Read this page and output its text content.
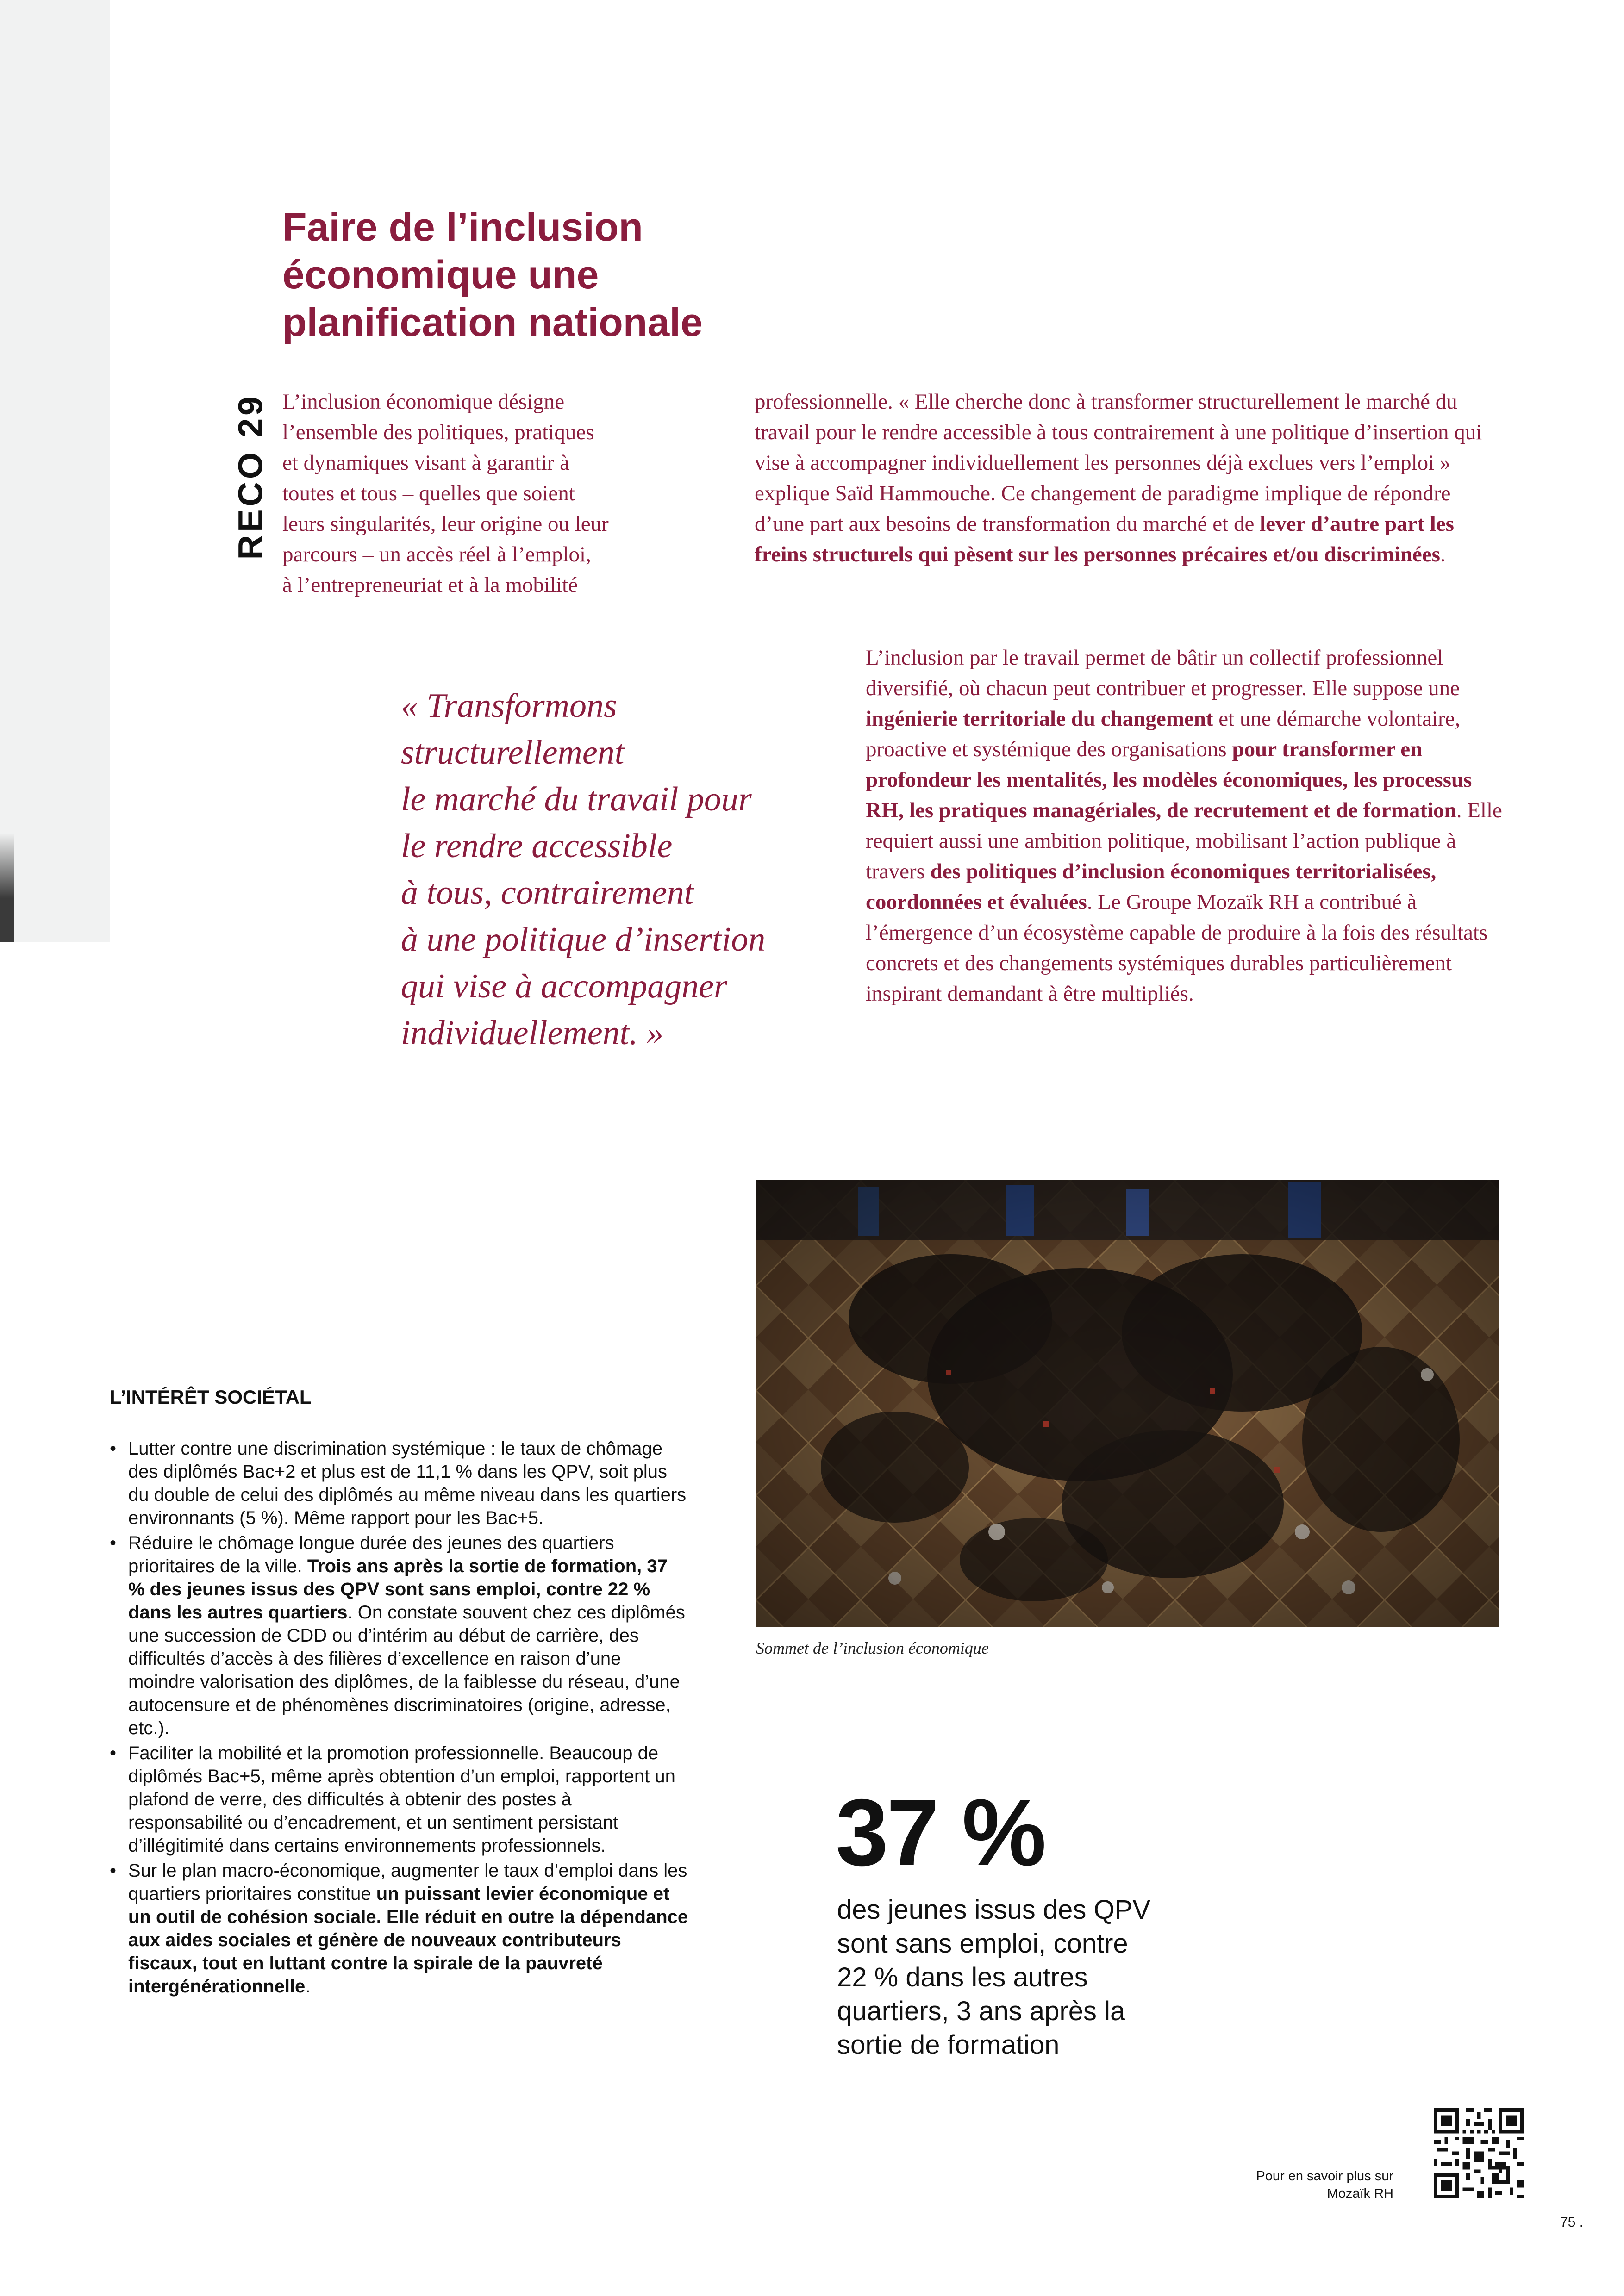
Faire de l’inclusion
économique une
planification nationale
RECO 29 L’inclusion économique désigne
l’ensemble des politiques, pratiques
et dynamiques visant à garantir à
toutes et tous – quelles que soient
leurs singularités, leur origine ou leur
parcours – un accès réel à l’emploi,
à l’entrepreneuriat et à la mobilité

professionnelle. « Elle cherche donc à transformer structurellement le marché du travail pour le rendre accessible à tous contrairement à une politique d’insertion qui vise à accompagner individuellement les personnes déjà exclues vers l’emploi » explique Saïd Hammouche. Ce changement de paradigme implique de répondre d’une part aux besoins de transformation du marché et de lever d’autre part les freins structurels qui pèsent sur les personnes précaires et/ou discriminées.

L’inclusion par le travail permet de bâtir un collectif professionnel diversifié, où chacun peut contribuer et progresser. Elle suppose une ingénierie territoriale du changement et une démarche volontaire, proactive et systémique des organisations pour transformer en profondeur les mentalités, les modèles économiques, les processus RH, les pratiques managériales, de recrutement et de formation. Elle requiert aussi une ambition politique, mobilisant l’action publique à travers des politiques d’inclusion économiques territorialisées, coordonnées et évaluées. Le Groupe Mozaïk RH a contribué à l’émergence d’un écosystème capable de produire à la fois des résultats concrets et des changements systémiques durables particulièrement inspirant demandant à être multipliés.

« Transformons
structurellement
le marché du travail pour
le rendre accessible
à tous, contrairement
à une politique d’insertion
qui vise à accompagner
individuellement. »

Sommet de l’inclusion économique

L’INTÉRÊT SOCIÉTAL
• Lutter contre une discrimination systémique : le taux de chômage des diplômés Bac+2 et plus est de 11,1 % dans les QPV, soit plus du double de celui des diplômés au même niveau dans les quartiers environnants (5 %). Même rapport pour les Bac+5.
• Réduire le chômage longue durée des jeunes des quartiers prioritaires de la ville. Trois ans après la sortie de formation, 37 % des jeunes issus des QPV sont sans emploi, contre 22 % dans les autres quartiers. On constate souvent chez ces diplômés une succession de CDD ou d’intérim au début de carrière, des difficultés d’accès à des filières d’excellence en raison d’une moindre valorisation des diplômes, de la faiblesse du réseau, d’une autocensure et de phénomènes discriminatoires (origine, adresse, etc.).
• Faciliter la mobilité et la promotion professionnelle. Beaucoup de diplômés Bac+5, même après obtention d’un emploi, rapportent un plafond de verre, des difficultés à obtenir des postes à responsabilité ou d’encadrement, et un sentiment persistant d’illégitimité dans certains environnements professionnels.
• Sur le plan macro-économique, augmenter le taux d’emploi dans les quartiers prioritaires constitue un puissant levier économique et un outil de cohésion sociale. Elle réduit en outre la dépendance aux aides sociales et génère de nouveaux contributeurs fiscaux, tout en luttant contre la spirale de la pauvreté intergénérationnelle.

37 %

des jeunes issus des QPV
sont sans emploi, contre
22 % dans les autres
quartiers, 3 ans après la
sortie de formation

Pour en savoir plus sur
Mozaïk RH

75 .
